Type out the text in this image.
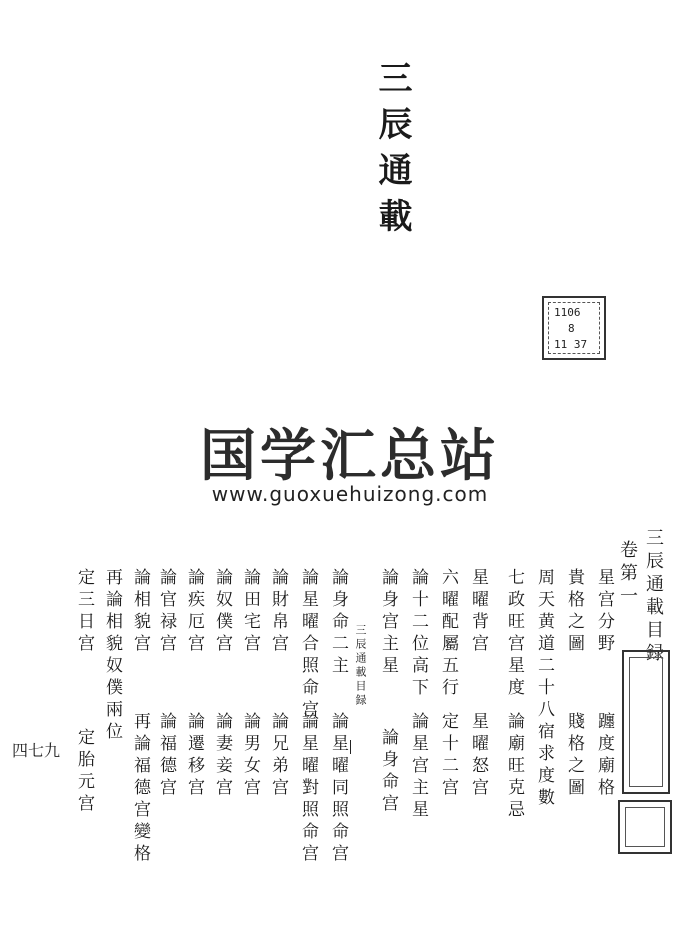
三辰通載
1106
8
11 37
国学汇总站
www.guoxuehuizong.com
三辰通載目録
卷第一
星宫分野
躔度廟格
貴格之圖
賤格之圖
周天黄道二十八宿求度數
七政旺宫星度
論廟旺克忌
星曜背宫
星曜怒宫
六曜配屬五行
定十二宫
論十二位高下
論星宫主星
論身宫主星
論身命宫
三辰通載目録
論身命二主
論星曜同照命宫
論星曜合照命宫
論星曜對照命宫
論財帛宫
論兄弟宫
論田宅宫
論男女宫
論奴僕宫
論妻妾宫
論疾厄宫
論遷移宫
論官禄宫
論福德宫
論相貌宫
再論福德宫變格
再論相貌奴僕兩位
定三日宫
定胎元宫
四七九
